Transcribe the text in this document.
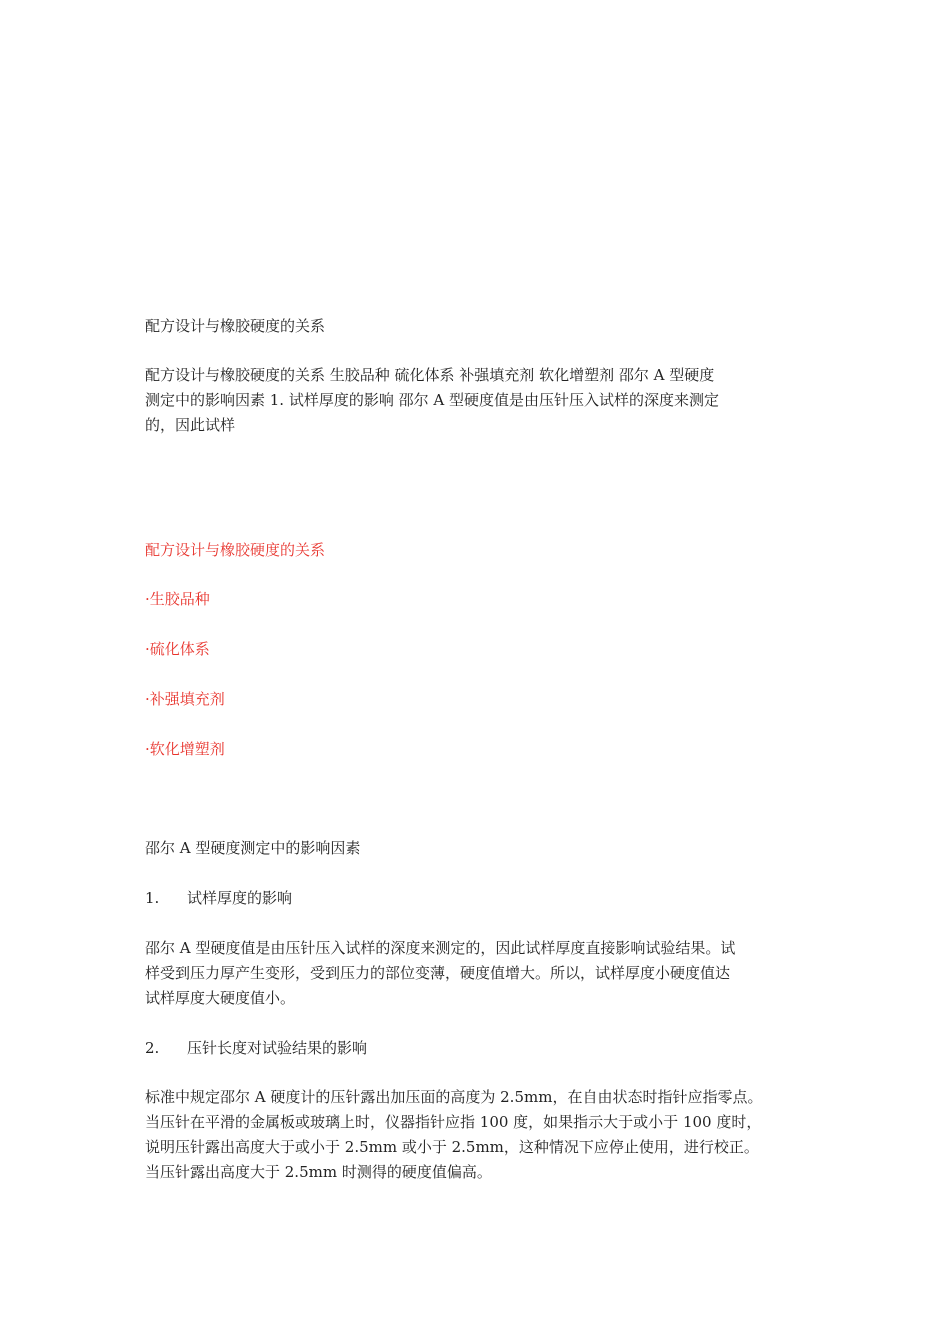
配方设计与橡胶硬度的关系

配方设计与橡胶硬度的关系 生胶品种 硫化体系 补强填充剂 软化增塑剂 邵尔 A 型硬度

测定中的影响因素 1. 试样厚度的影响 邵尔 A 型硬度值是由压针压入试样的深度来测定

的，因此试样

配方设计与橡胶硬度的关系

·生胶品种

·硫化体系

·补强填充剂

·软化增塑剂

邵尔 A 型硬度测定中的影响因素

1. 试样厚度的影响

邵尔 A 型硬度值是由压针压入试样的深度来测定的，因此试样厚度直接影响试验结果。试

样受到压力厚产生变形，受到压力的部位变薄，硬度值增大。所以，试样厚度小硬度值达

试样厚度大硬度值小。

2. 压针长度对试验结果的影响

标准中规定邵尔 A 硬度计的压针露出加压面的高度为 2.5mm，在自由状态时指针应指零点。

当压针在平滑的金属板或玻璃上时，仪器指针应指 100 度，如果指示大于或小于 100 度时，

说明压针露出高度大于或小于 2.5mm 或小于 2.5mm，这种情况下应停止使用，进行校正。

当压针露出高度大于 2.5mm 时测得的硬度值偏高。
